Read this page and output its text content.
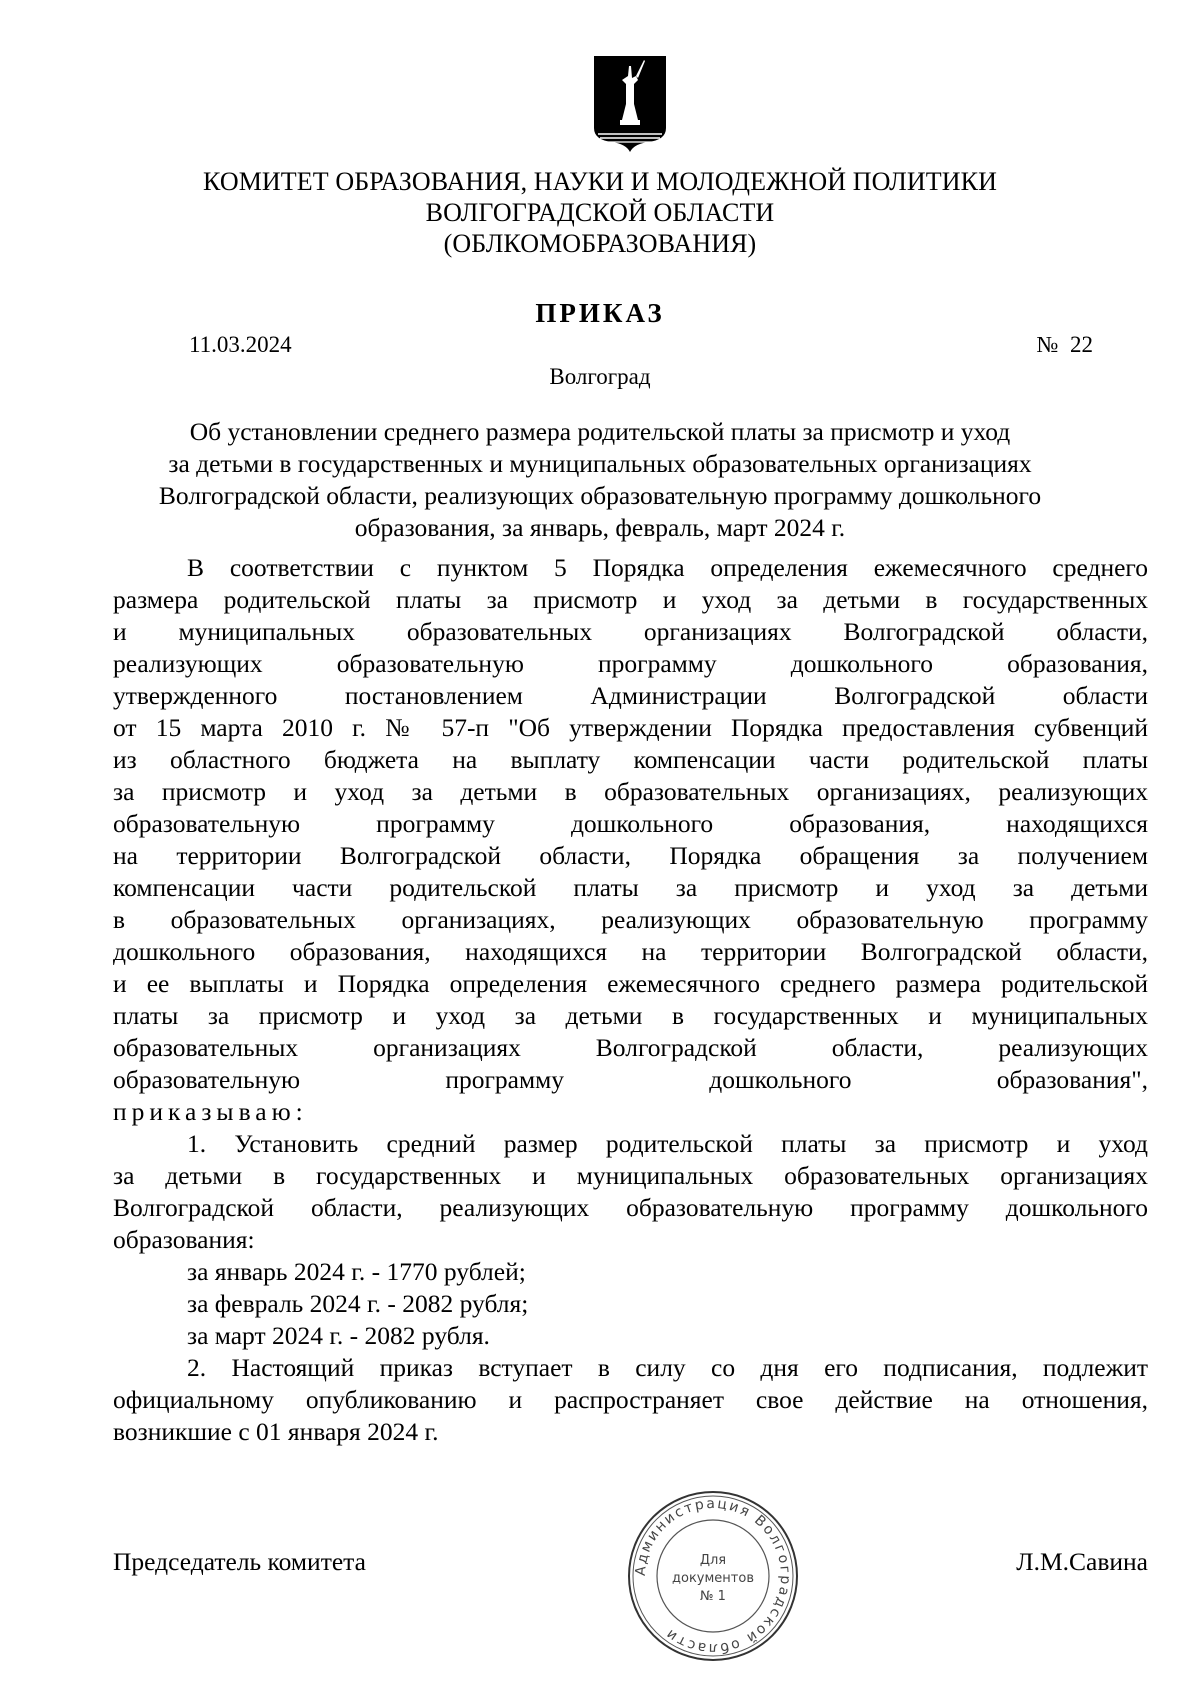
КОМИТЕТ ОБРАЗОВАНИЯ, НАУКИ И МОЛОДЕЖНОЙ ПОЛИТИКИ
ВОЛГОГРАДСКОЙ ОБЛАСТИ
(ОБЛКОМОБРАЗОВАНИЯ)
ПРИКАЗ
11.03.2024	№  22
Волгоград
Об установлении среднего размера родительской платы за присмотр и уход
за детьми в государственных и муниципальных образовательных организациях
Волгоградской области, реализующих образовательную программу дошкольного
образования, за январь, февраль, март 2024 г.
В соответствии с пунктом 5 Порядка определения ежемесячного среднего
размера родительской платы за присмотр и уход за детьми в государственных
и муниципальных образовательных организациях Волгоградской области,
реализующих образовательную программу дошкольного образования,
утвержденного постановлением Администрации Волгоградской области
от 15 марта 2010 г. № 57-п "Об утверждении Порядка предоставления субвенций
из областного бюджета на выплату компенсации части родительской платы
за присмотр и уход за детьми в образовательных организациях, реализующих
образовательную программу дошкольного образования, находящихся
на территории Волгоградской области, Порядка обращения за получением
компенсации части родительской платы за присмотр и уход за детьми
в образовательных организациях, реализующих образовательную программу
дошкольного образования, находящихся на территории Волгоградской области,
и ее выплаты и Порядка определения ежемесячного среднего размера родительской
платы за присмотр и уход за детьми в государственных и муниципальных
образовательных организациях Волгоградской области, реализующих
образовательную программу дошкольного образования",
приказываю:
1. Установить средний размер родительской платы за присмотр и уход
за детьми в государственных и муниципальных образовательных организациях
Волгоградской области, реализующих образовательную программу дошкольного
образования:
за январь 2024 г. - 1770 рублей;
за февраль 2024 г. - 2082 рубля;
за март 2024 г. - 2082 рубля.
2. Настоящий приказ вступает в силу со дня его подписания, подлежит
официальному опубликованию и распространяет свое действие на отношения,
возникшие с 01 января 2024 г.
Председатель комитета	Л.М.Савина
Администрация Волгоградской области
Для
документов
№ 1
